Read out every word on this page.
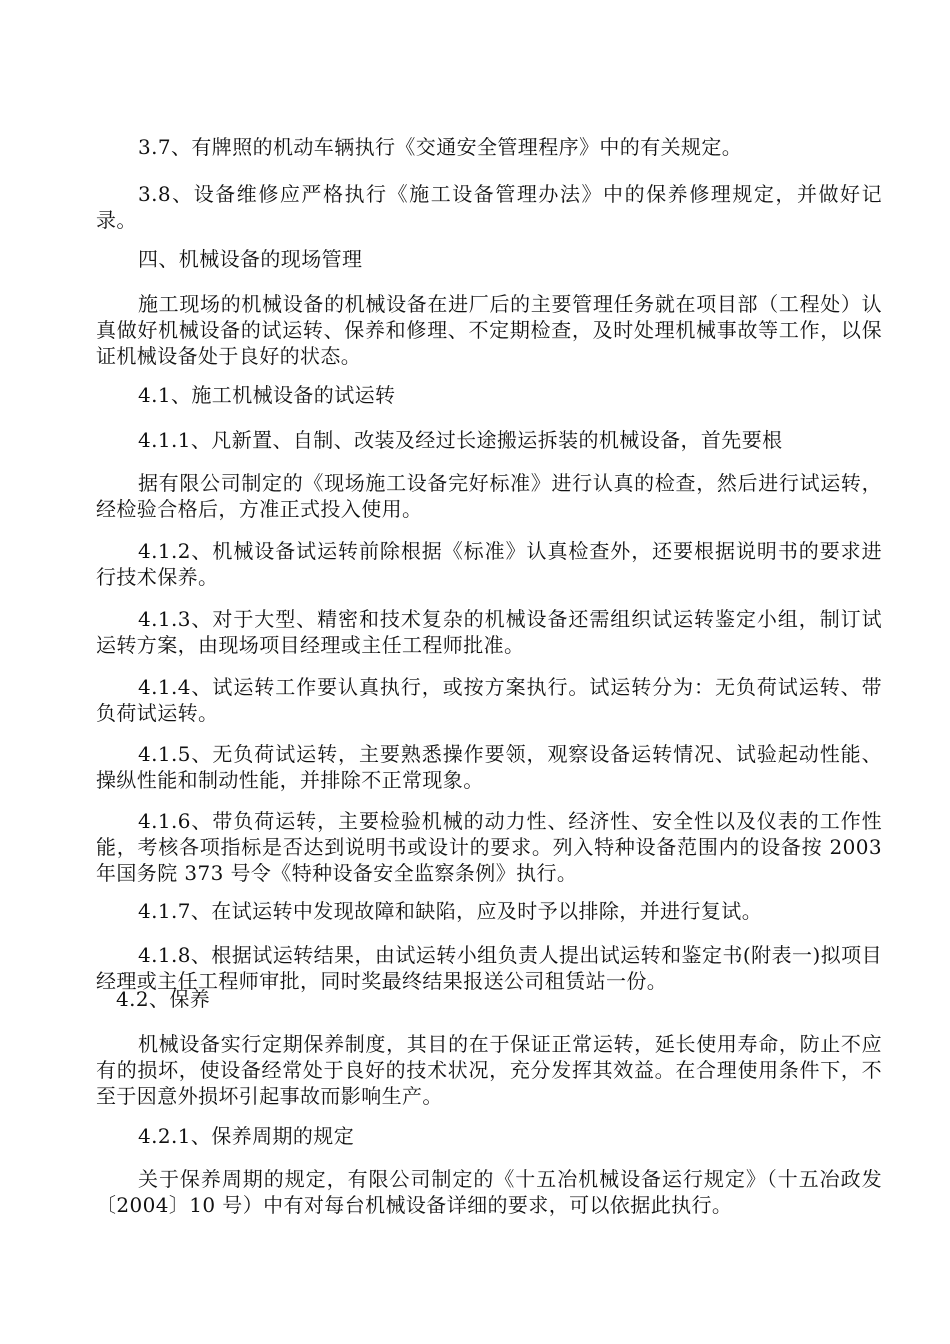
3.7、有牌照的机动车辆执行《交通安全管理程序》中的有关规定。

3.8、设备维修应严格执行《施工设备管理办法》中的保养修理规定，并做好记录。

四、机械设备的现场管理

施工现场的机械设备的机械设备在进厂后的主要管理任务就在项目部（工程处）认真做好机械设备的试运转、保养和修理、不定期检查，及时处理机械事故等工作，以保证机械设备处于良好的状态。

4.1、施工机械设备的试运转

4.1.1、凡新置、自制、改装及经过长途搬运拆装的机械设备，首先要根

据有限公司制定的《现场施工设备完好标准》进行认真的检查，然后进行试运转，经检验合格后，方准正式投入使用。

4.1.2、机械设备试运转前除根据《标准》认真检查外，还要根据说明书的要求进行技术保养。

4.1.3、对于大型、精密和技术复杂的机械设备还需组织试运转鉴定小组，制订试运转方案，由现场项目经理或主任工程师批准。

4.1.4、试运转工作要认真执行，或按方案执行。试运转分为：无负荷试运转、带负荷试运转。

4.1.5、无负荷试运转，主要熟悉操作要领，观察设备运转情况、试验起动性能、操纵性能和制动性能，并排除不正常现象。

4.1.6、带负荷运转，主要检验机械的动力性、经济性、安全性以及仪表的工作性能，考核各项指标是否达到说明书或设计的要求。列入特种设备范围内的设备按 2003 年国务院 373 号令《特种设备安全监察条例》执行。

4.1.7、在试运转中发现故障和缺陷，应及时予以排除，并进行复试。

4.1.8、根据试运转结果，由试运转小组负责人提出试运转和鉴定书(附表一)拟项目经理或主任工程师审批，同时奖最终结果报送公司租赁站一份。

4.2、保养

机械设备实行定期保养制度，其目的在于保证正常运转，延长使用寿命，防止不应有的损坏，使设备经常处于良好的技术状况，充分发挥其效益。在合理使用条件下，不至于因意外损坏引起事故而影响生产。

4.2.1、保养周期的规定

关于保养周期的规定，有限公司制定的《十五冶机械设备运行规定》（十五冶政发〔2004〕10 号）中有对每台机械设备详细的要求，可以依据此执行。
